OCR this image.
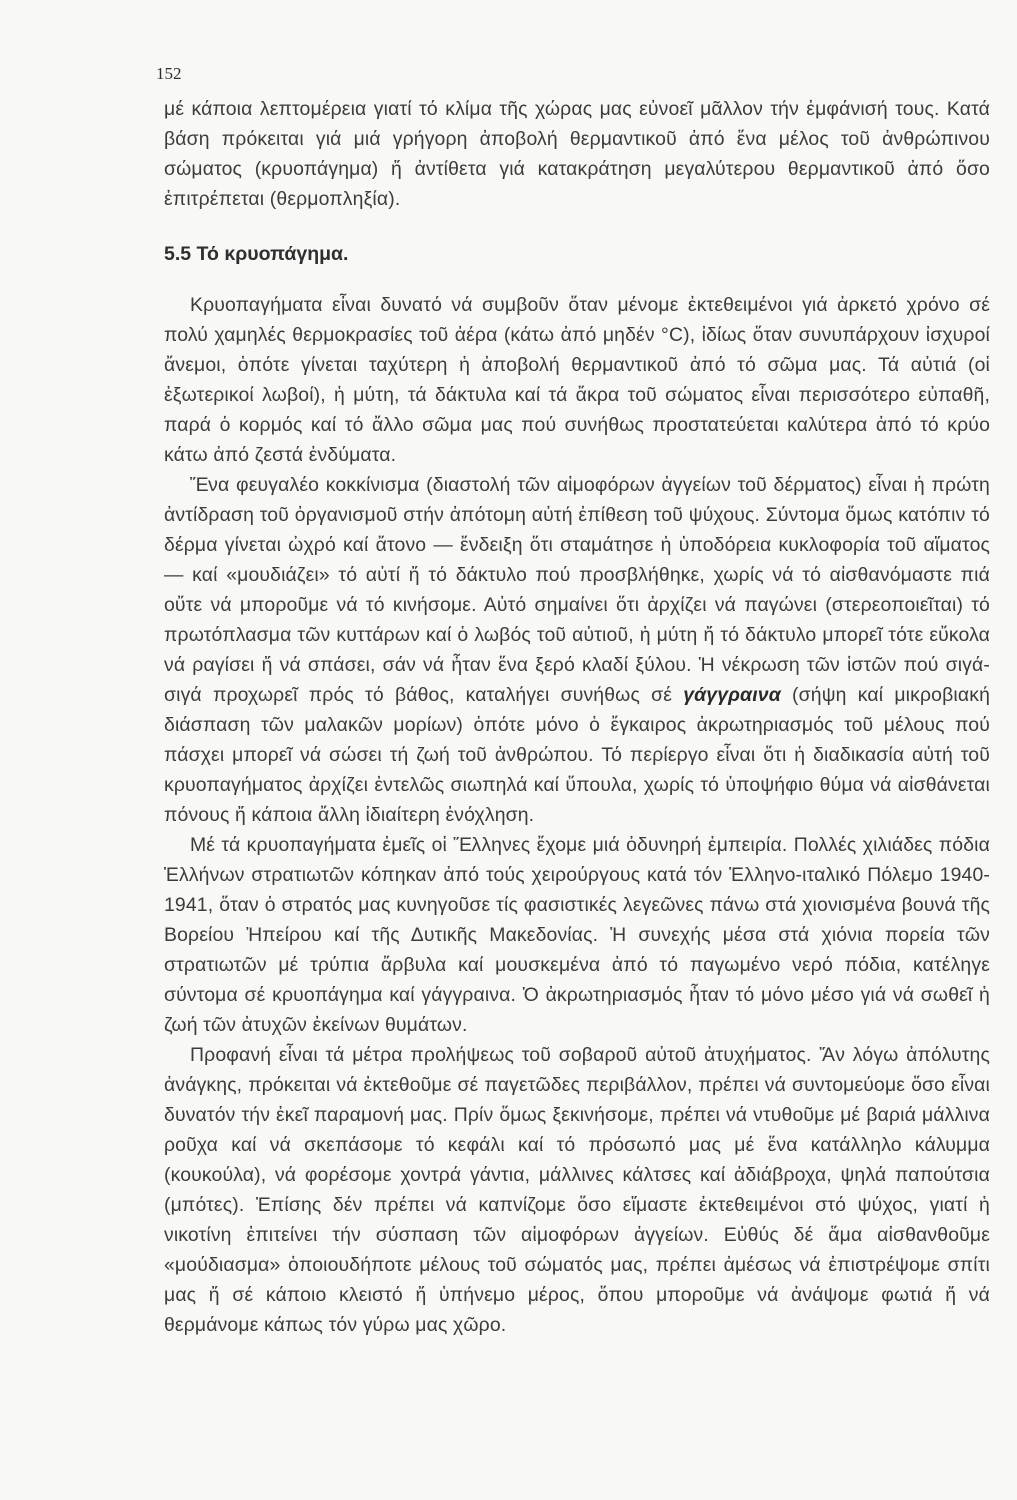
152

μέ κάποια λεπτομέρεια γιατί τό κλίμα τῆς χώρας μας εὐνοεῖ μᾶλλον τήν ἐμφάνισή τους. Κατά βάση πρόκειται γιά μιά γρήγορη ἀποβολή θερμαντικοῦ ἀπό ἕνα μέλος τοῦ ἀνθρώπινου σώματος (κρυοπάγημα) ἤ ἀντίθετα γιά κατακράτηση μεγαλύτερου θερμαντικοῦ ἀπό ὅσο ἐπιτρέπεται (θερμοπληξία).

5.5 Τό κρυοπάγημα.

Κρυοπαγήματα εἶναι δυνατό νά συμβοῦν ὅταν μένομε ἐκτεθειμένοι γιά ἀρκετό χρόνο σέ πολύ χαμηλές θερμοκρασίες τοῦ ἀέρα (κάτω ἀπό μηδέν °C), ἰδίως ὅταν συνυπάρχουν ἰσχυροί ἄνεμοι, ὁπότε γίνεται ταχύτερη ἡ ἀποβολή θερμαντικοῦ ἀπό τό σῶμα μας. Τά αὐτιά (οἱ ἐξωτερικοί λωβοί), ἡ μύτη, τά δάκτυλα καί τά ἄκρα τοῦ σώματος εἶναι περισσότερο εὐπαθῆ, παρά ὁ κορμός καί τό ἄλλο σῶμα μας πού συνήθως προστατεύεται καλύτερα ἀπό τό κρύο κάτω ἀπό ζεστά ἐνδύματα.

Ἕνα φευγαλέο κοκκίνισμα (διαστολή τῶν αἱμοφόρων ἀγγείων τοῦ δέρματος) εἶναι ἡ πρώτη ἀντίδραση τοῦ ὀργανισμοῦ στήν ἀπότομη αὐτή ἐπίθεση τοῦ ψύχους. Σύντομα ὅμως κατόπιν τό δέρμα γίνεται ὠχρό καί ἄτονο — ἔνδειξη ὅτι σταμάτησε ἡ ὑποδόρεια κυκλοφορία τοῦ αἵματος — καί «μουδιάζει» τό αὐτί ἤ τό δάκτυλο πού προσβλήθηκε, χωρίς νά τό αἰσθανόμαστε πιά οὔτε νά μποροῦμε νά τό κινήσομε. Αὐτό σημαίνει ὅτι ἀρχίζει νά παγώνει (στερεοποιεῖται) τό πρωτόπλασμα τῶν κυττάρων καί ὁ λωβός τοῦ αὐτιοῦ, ἡ μύτη ἤ τό δάκτυλο μπορεῖ τότε εὔκολα νά ραγίσει ἤ νά σπάσει, σάν νά ἦταν ἕνα ξερό κλαδί ξύλου. Ἡ νέκρωση τῶν ἱστῶν πού σιγά-σιγά προχωρεῖ πρός τό βάθος, καταλήγει συνήθως σέ γάγγραινα (σήψη καί μικροβιακή διάσπαση τῶν μαλακῶν μορίων) ὁπότε μόνο ὁ ἔγκαιρος ἀκρωτηριασμός τοῦ μέλους πού πάσχει μπορεῖ νά σώσει τή ζωή τοῦ ἀνθρώπου. Τό περίεργο εἶναι ὅτι ἡ διαδικασία αὐτή τοῦ κρυοπαγήματος ἀρχίζει ἐντελῶς σιωπηλά καί ὕπουλα, χωρίς τό ὑποψήφιο θύμα νά αἰσθάνεται πόνους ἤ κάποια ἄλλη ἰδιαίτερη ἐνόχληση.

Μέ τά κρυοπαγήματα ἐμεῖς οἱ Ἕλληνες ἔχομε μιά ὀδυνηρή ἐμπειρία. Πολλές χιλιάδες πόδια Ἑλλήνων στρατιωτῶν κόπηκαν ἀπό τούς χειρούργους κατά τόν Ἑλληνο-ιταλικό Πόλεμο 1940-1941, ὅταν ὁ στρατός μας κυνηγοῦσε τίς φασιστικές λεγεῶνες πάνω στά χιονισμένα βουνά τῆς Βορείου Ἠπείρου καί τῆς Δυτικῆς Μακεδονίας. Ἡ συνεχής μέσα στά χιόνια πορεία τῶν στρατιωτῶν μέ τρύπια ἄρβυλα καί μουσκεμένα ἀπό τό παγωμένο νερό πόδια, κατέληγε σύντομα σέ κρυοπάγημα καί γάγγραινα. Ὁ ἀκρωτηριασμός ἦταν τό μόνο μέσο γιά νά σωθεῖ ἡ ζωή τῶν ἀτυχῶν ἐκείνων θυμάτων.

Προφανή εἶναι τά μέτρα προλήψεως τοῦ σοβαροῦ αὐτοῦ ἀτυχήματος. Ἄν λόγω ἀπόλυτης ἀνάγκης, πρόκειται νά ἐκτεθοῦμε σέ παγετῶδες περιβάλλον, πρέπει νά συντομεύομε ὅσο εἶναι δυνατόν τήν ἐκεῖ παραμονή μας. Πρίν ὅμως ξεκινήσομε, πρέπει νά ντυθοῦμε μέ βαριά μάλλινα ροῦχα καί νά σκεπάσομε τό κεφάλι καί τό πρόσωπό μας μέ ἕνα κατάλληλο κάλυμμα (κουκούλα), νά φορέσομε χοντρά γάντια, μάλλινες κάλτσες καί ἀδιάβροχα, ψηλά παπούτσια (μπότες). Ἐπίσης δέν πρέπει νά καπνίζομε ὅσο εἴμαστε ἐκτεθειμένοι στό ψύχος, γιατί ἡ νικοτίνη ἐπιτείνει τήν σύσπαση τῶν αἱμοφόρων ἀγγείων. Εὐθύς δέ ἅμα αἰσθανθοῦμε «μούδιασμα» ὁποιουδήποτε μέλους τοῦ σώματός μας, πρέπει ἀμέσως νά ἐπιστρέψομε σπίτι μας ἤ σέ κάποιο κλειστό ἤ ὑπήνεμο μέρος, ὅπου μποροῦμε νά ἀνάψομε φωτιά ἤ νά θερμάνομε κάπως τόν γύρω μας χῶρο.
